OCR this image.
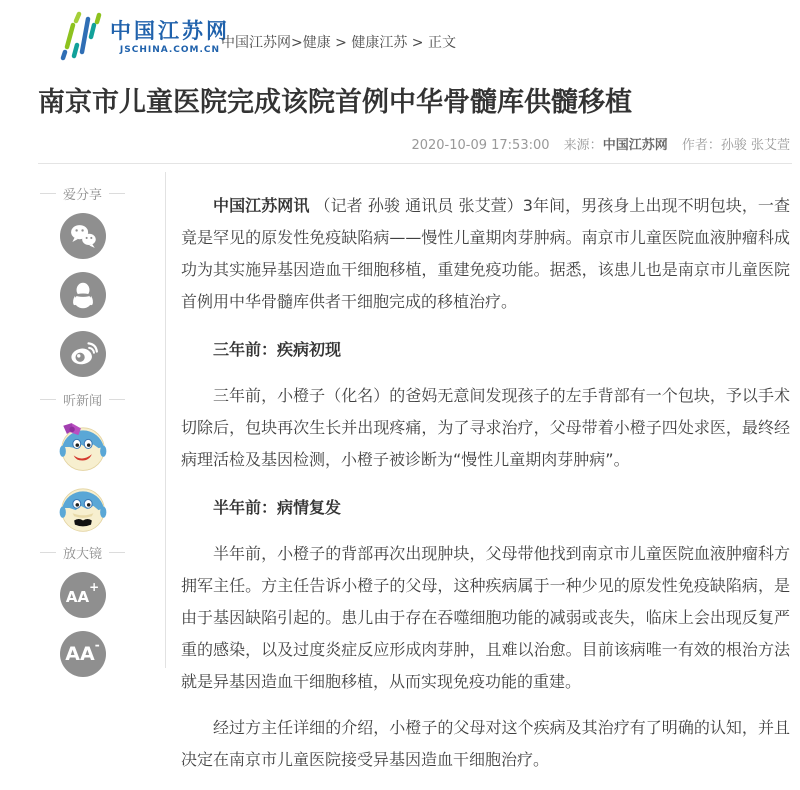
中国江苏网
JSCHINA.COM.CN 中国江苏网>健康 > 健康江苏 > 正文
南京市儿童医院完成该院首例中华骨髓库供髓移植
2020-10-09 17:53:00 来源：中国江苏网 作者：孙骏 张艾萱
爱分享
听新闻
放大镜
AA+
AA-

中国江苏网讯 （记者 孙骏 通讯员 张艾萱）3年间，男孩身上出现不明包块，一查竟是罕见的原发性免疫缺陷病——慢性儿童期肉芽肿病。南京市儿童医院血液肿瘤科成功为其实施异基因造血干细胞移植，重建免疫功能。据悉，该患儿也是南京市儿童医院首例用中华骨髓库供者干细胞完成的移植治疗。

三年前：疾病初现

三年前，小橙子（化名）的爸妈无意间发现孩子的左手背部有一个包块，予以手术切除后，包块再次生长并出现疼痛，为了寻求治疗，父母带着小橙子四处求医，最终经病理活检及基因检测，小橙子被诊断为“慢性儿童期肉芽肿病”。

半年前：病情复发

半年前，小橙子的背部再次出现肿块，父母带他找到南京市儿童医院血液肿瘤科方拥军主任。方主任告诉小橙子的父母，这种疾病属于一种少见的原发性免疫缺陷病，是由于基因缺陷引起的。患儿由于存在吞噬细胞功能的减弱或丧失，临床上会出现反复严重的感染，以及过度炎症反应形成肉芽肿，且难以治愈。目前该病唯一有效的根治方法就是异基因造血干细胞移植，从而实现免疫功能的重建。

经过方主任详细的介绍，小橙子的父母对这个疾病及其治疗有了明确的认知，并且决定在南京市儿童医院接受异基因造血干细胞治疗。
